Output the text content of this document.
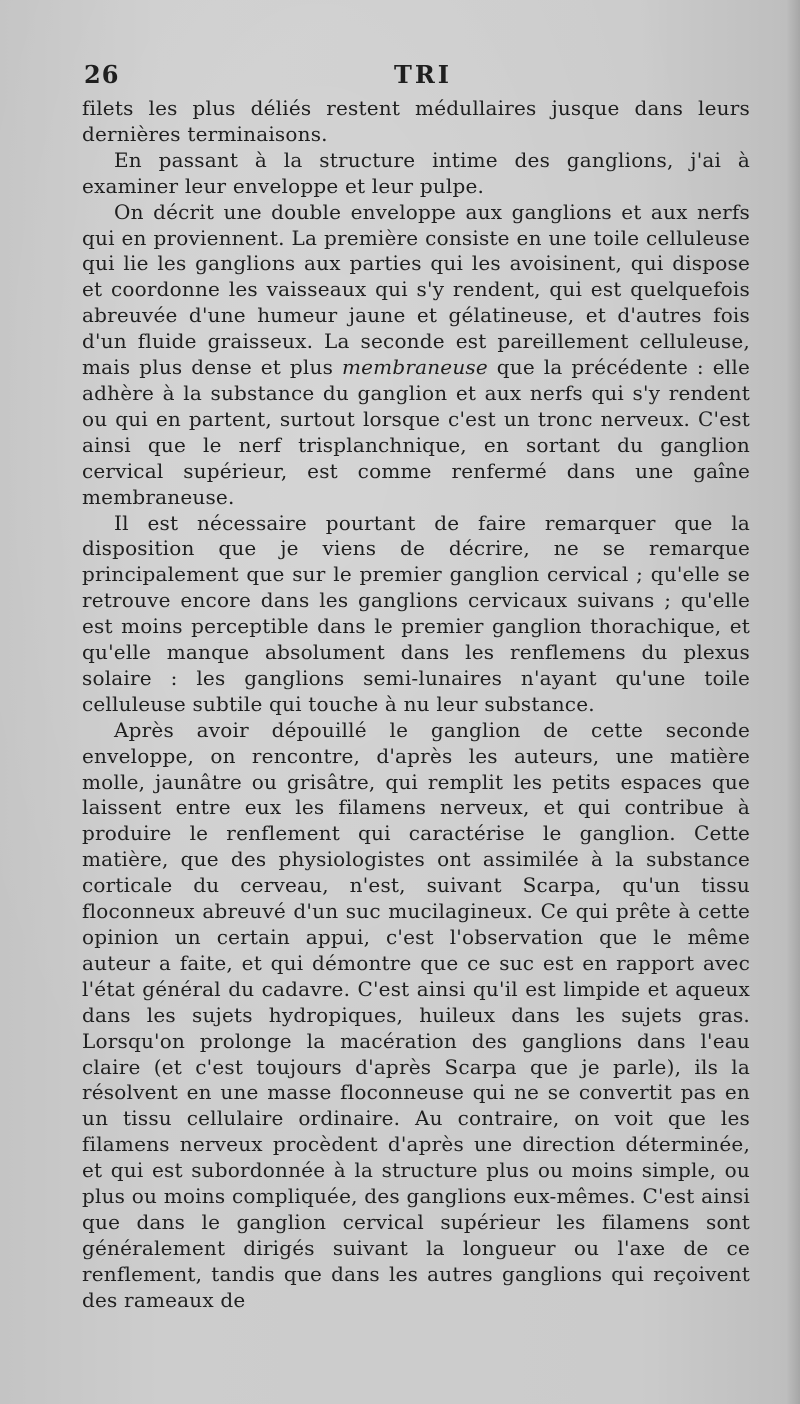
26	TRI

filets les plus déliés restent médullaires jusque dans leurs dernières terminaisons.

En passant à la structure intime des ganglions, j'ai à examiner leur enveloppe et leur pulpe.

On décrit une double enveloppe aux ganglions et aux nerfs qui en proviennent. La première consiste en une toile celluleuse qui lie les ganglions aux parties qui les avoisinent, qui dispose et coordonne les vaisseaux qui s'y rendent, qui est quelquefois abreuvée d'une humeur jaune et gélatineuse, et d'autres fois d'un fluide graisseux. La seconde est pareillement celluleuse, mais plus dense et plus membraneuse que la précédente : elle adhère à la substance du ganglion et aux nerfs qui s'y rendent ou qui en partent, surtout lorsque c'est un tronc nerveux. C'est ainsi que le nerf trisplanchnique, en sortant du ganglion cervical supérieur, est comme renfermé dans une gaîne membraneuse.

Il est nécessaire pourtant de faire remarquer que la disposition que je viens de décrire, ne se remarque principalement que sur le premier ganglion cervical ; qu'elle se retrouve encore dans les ganglions cervicaux suivans ; qu'elle est moins perceptible dans le premier ganglion thorachique, et qu'elle manque absolument dans les renflemens du plexus solaire : les ganglions semi-lunaires n'ayant qu'une toile celluleuse subtile qui touche à nu leur substance.

Après avoir dépouillé le ganglion de cette seconde enveloppe, on rencontre, d'après les auteurs, une matière molle, jaunâtre ou grisâtre, qui remplit les petits espaces que laissent entre eux les filamens nerveux, et qui contribue à produire le renflement qui caractérise le ganglion. Cette matière, que des physiologistes ont assimilée à la substance corticale du cerveau, n'est, suivant Scarpa, qu'un tissu floconneux abreuvé d'un suc mucilagineux. Ce qui prête à cette opinion un certain appui, c'est l'observation que le même auteur a faite, et qui démontre que ce suc est en rapport avec l'état général du cadavre. C'est ainsi qu'il est limpide et aqueux dans les sujets hydropiques, huileux dans les sujets gras. Lorsqu'on prolonge la macération des ganglions dans l'eau claire (et c'est toujours d'après Scarpa que je parle), ils la résolvent en une masse floconneuse qui ne se convertit pas en un tissu cellulaire ordinaire. Au contraire, on voit que les filamens nerveux procèdent d'après une direction déterminée, et qui est subordonnée à la structure plus ou moins simple, ou plus ou moins compliquée, des ganglions eux-mêmes. C'est ainsi que dans le ganglion cervical supérieur les filamens sont généralement dirigés suivant la longueur ou l'axe de ce renflement, tandis que dans les autres ganglions qui reçoivent des rameaux de
